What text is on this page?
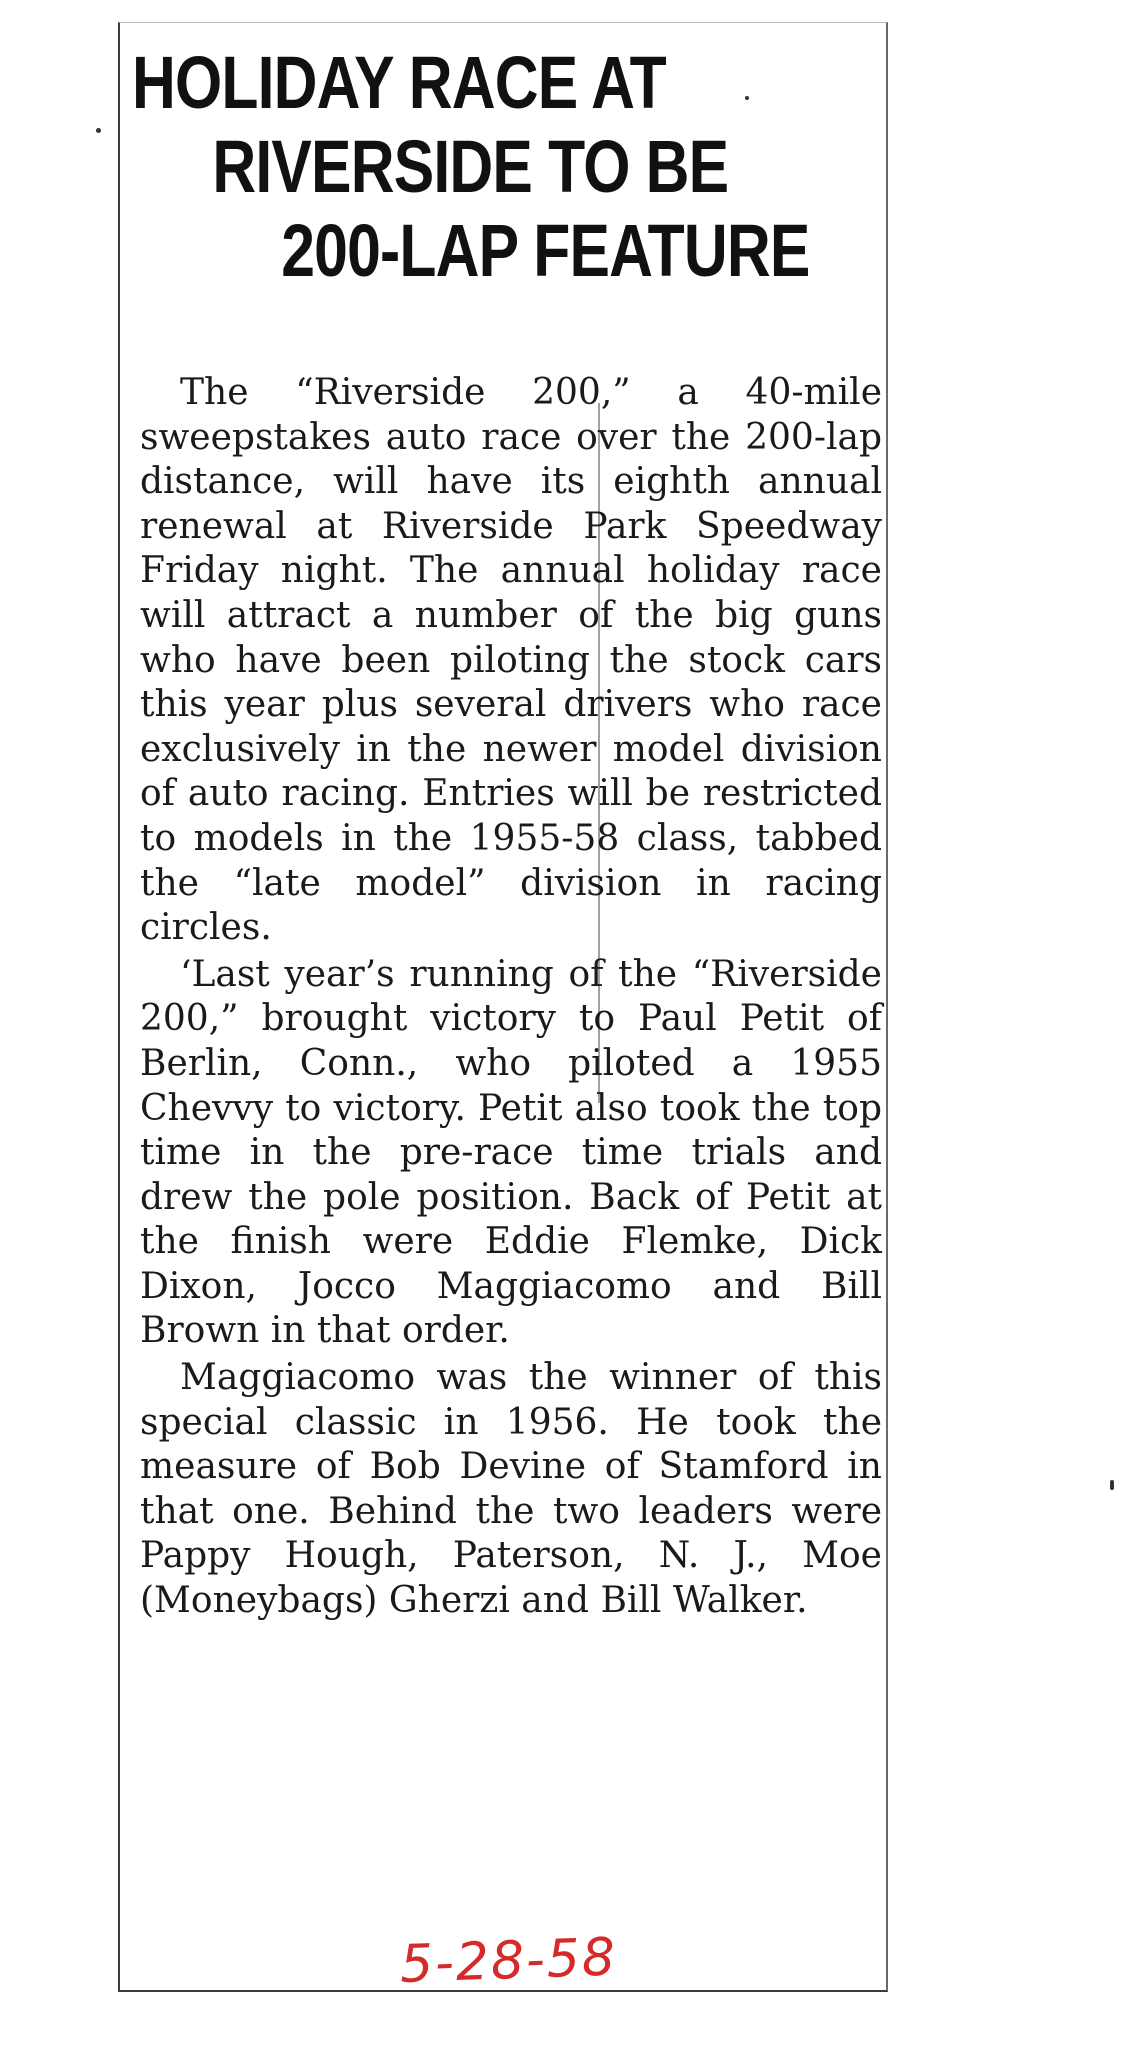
HOLIDAY RACE AT
RIVERSIDE TO BE
200-LAP FEATURE

The “Riverside 200,” a 40-mile sweepstakes auto race over the 200-lap distance, will have its eighth annual renewal at Riverside Park Speedway Friday night. The annual holiday race will attract a number of the big guns who have been piloting the stock cars this year plus several drivers who race exclusively in the newer model division of auto racing. Entries will be restricted to models in the 1955-58 class, tabbed the “late model” division in racing circles.

‘Last year’s running of the “Riverside 200,” brought victory to Paul Petit of Berlin, Conn., who piloted a 1955 Chevvy to victory. Petit also took the top time in the pre-race time trials and drew the pole position. Back of Petit at the finish were Eddie Flemke, Dick Dixon, Jocco Maggiacomo and Bill Brown in that order.

Maggiacomo was the winner of this special classic in 1956. He took the measure of Bob Devine of Stamford in that one. Behind the two leaders were Pappy Hough, Paterson, N. J., Moe (Moneybags) Gherzi and Bill Walker.

5-28-58
